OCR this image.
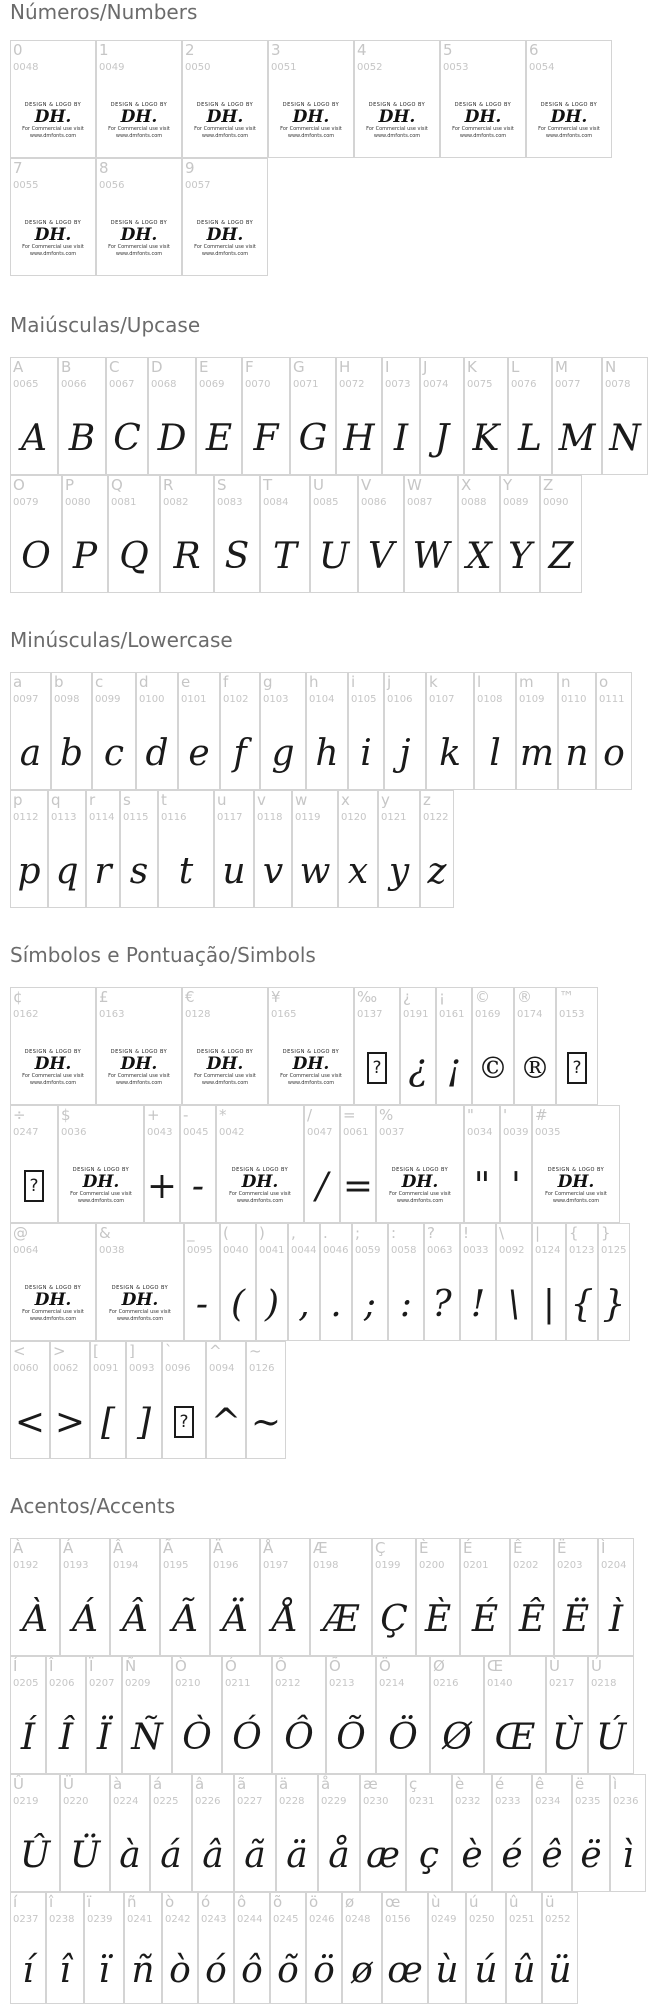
Números/Numbers
0
0048
DESIGN & LOGO BY
DH.
For Commercial use visit
www.dmfonts.com
1
0049
DESIGN & LOGO BY
DH.
For Commercial use visit
www.dmfonts.com
2
0050
DESIGN & LOGO BY
DH.
For Commercial use visit
www.dmfonts.com
3
0051
DESIGN & LOGO BY
DH.
For Commercial use visit
www.dmfonts.com
4
0052
DESIGN & LOGO BY
DH.
For Commercial use visit
www.dmfonts.com
5
0053
DESIGN & LOGO BY
DH.
For Commercial use visit
www.dmfonts.com
6
0054
DESIGN & LOGO BY
DH.
For Commercial use visit
www.dmfonts.com
7
0055
DESIGN & LOGO BY
DH.
For Commercial use visit
www.dmfonts.com
8
0056
DESIGN & LOGO BY
DH.
For Commercial use visit
www.dmfonts.com
9
0057
DESIGN & LOGO BY
DH.
For Commercial use visit
www.dmfonts.com
Maiúsculas/Upcase
A
0065
A
B
0066
B
C
0067
C
D
0068
D
E
0069
E
F
0070
F
G
0071
G
H
0072
H
I
0073
I
J
0074
J
K
0075
K
L
0076
L
M
0077
M
N
0078
N
O
0079
O
P
0080
P
Q
0081
Q
R
0082
R
S
0083
S
T
0084
T
U
0085
U
V
0086
V
W
0087
W
X
0088
X
Y
0089
Y
Z
0090
Z
Minúsculas/Lowercase
a
0097
a
b
0098
b
c
0099
c
d
0100
d
e
0101
e
f
0102
f
g
0103
g
h
0104
h
i
0105
i
j
0106
j
k
0107
k
l
0108
l
m
0109
m
n
0110
n
o
0111
o
p
0112
p
q
0113
q
r
0114
r
s
0115
s
t
0116
t
u
0117
u
v
0118
v
w
0119
w
x
0120
x
y
0121
y
z
0122
z
Símbolos e Pontuação/Simbols
¢
0162
DESIGN & LOGO BY
DH.
For Commercial use visit
www.dmfonts.com
£
0163
DESIGN & LOGO BY
DH.
For Commercial use visit
www.dmfonts.com
€
0128
DESIGN & LOGO BY
DH.
For Commercial use visit
www.dmfonts.com
¥
0165
DESIGN & LOGO BY
DH.
For Commercial use visit
www.dmfonts.com
‰
0137
?
¿
0191
¿
¡
0161
¡
©
0169
©
®
0174
®
™
0153
?
÷
0247
?
$
0036
DESIGN & LOGO BY
DH.
For Commercial use visit
www.dmfonts.com
+
0043
+
-
0045
-
*
0042
DESIGN & LOGO BY
DH.
For Commercial use visit
www.dmfonts.com
/
0047
/
=
0061
=
%
0037
DESIGN & LOGO BY
DH.
For Commercial use visit
www.dmfonts.com
"
0034
"
'
0039
'
#
0035
DESIGN & LOGO BY
DH.
For Commercial use visit
www.dmfonts.com
@
0064
DESIGN & LOGO BY
DH.
For Commercial use visit
www.dmfonts.com
&
0038
DESIGN & LOGO BY
DH.
For Commercial use visit
www.dmfonts.com
_
0095
-
(
0040
(
)
0041
)
,
0044
,
.
0046
.
;
0059
;
:
0058
:
?
0063
?
!
0033
!
\
0092
\
|
0124
|
{
0123
{
}
0125
}
<
0060
<
>
0062
>
[
0091
[
]
0093
]
`
0096
?
^
0094
^
~
0126
~
Acentos/Accents
À
0192
À
Á
0193
Á
Â
0194
Â
Ã
0195
Ã
Ä
0196
Ä
Å
0197
Å
Æ
0198
Æ
Ç
0199
Ç
È
0200
È
É
0201
É
Ê
0202
Ê
Ë
0203
Ë
Ì
0204
Ì
Í
0205
Í
Î
0206
Î
Ï
0207
Ï
Ñ
0209
Ñ
Ò
0210
Ò
Ó
0211
Ó
Ô
0212
Ô
Õ
0213
Õ
Ö
0214
Ö
Ø
0216
Ø
Œ
0140
Œ
Ù
0217
Ù
Ú
0218
Ú
Û
0219
Û
Ü
0220
Ü
à
0224
à
á
0225
á
â
0226
â
ã
0227
ã
ä
0228
ä
å
0229
å
æ
0230
æ
ç
0231
ç
è
0232
è
é
0233
é
ê
0234
ê
ë
0235
ë
ì
0236
ì
í
0237
í
î
0238
î
ï
0239
ï
ñ
0241
ñ
ò
0242
ò
ó
0243
ó
ô
0244
ô
õ
0245
õ
ö
0246
ö
ø
0248
ø
œ
0156
œ
ù
0249
ù
ú
0250
ú
û
0251
û
ü
0252
ü
